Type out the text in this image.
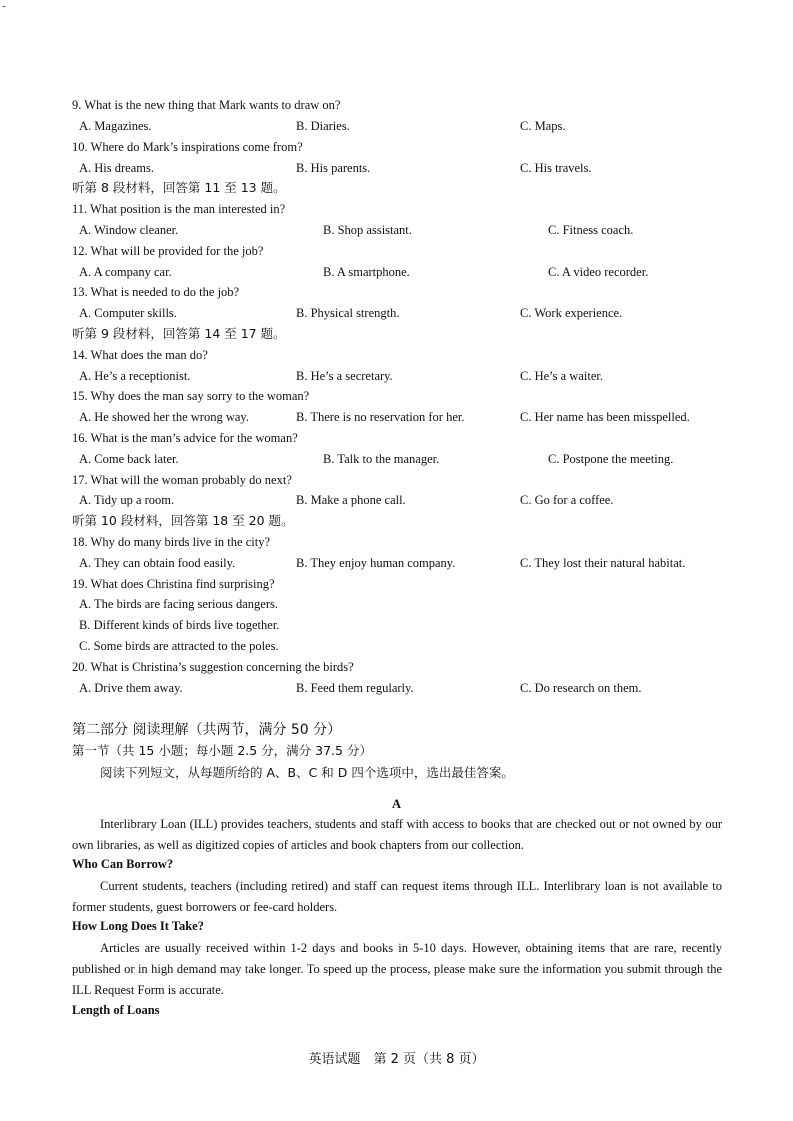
-
9. What is the new thing that Mark wants to draw on?
A. Magazines.	B. Diaries.	C. Maps.
10. Where do Mark’s inspirations come from?
A. His dreams.	B. His parents.	C. His travels.
听第 8 段材料，回答第 11 至 13 题。
11. What position is the man interested in?
A. Window cleaner.	B. Shop assistant.	C. Fitness coach.
12. What will be provided for the job?
A. A company car.	B. A smartphone.	C. A video recorder.
13. What is needed to do the job?
A. Computer skills.	B. Physical strength.	C. Work experience.
听第 9 段材料，回答第 14 至 17 题。
14. What does the man do?
A. He’s a receptionist.	B. He’s a secretary.	C. He’s a waiter.
15. Why does the man say sorry to the woman?
A. He showed her the wrong way.	B. There is no reservation for her.	C. Her name has been misspelled.
16. What is the man’s advice for the woman?
A. Come back later.	B. Talk to the manager.	C. Postpone the meeting.
17. What will the woman probably do next?
A. Tidy up a room.	B. Make a phone call.	C. Go for a coffee.
听第 10 段材料，回答第 18 至 20 题。
18. Why do many birds live in the city?
A. They can obtain food easily.	B. They enjoy human company.	C. They lost their natural habitat.
19. What does Christina find surprising?
A. The birds are facing serious dangers.
B. Different kinds of birds live together.
C. Some birds are attracted to the poles.
20. What is Christina’s suggestion concerning the birds?
A. Drive them away.	B. Feed them regularly.	C. Do research on them.
第二部分 阅读理解（共两节，满分 50 分）
第一节（共 15 小题；每小题 2.5 分，满分 37.5 分）
阅读下列短文，从每题所给的 A、B、C 和 D 四个选项中，选出最佳答案。
A

Interlibrary Loan (ILL) provides teachers, students and staff with access to books that are checked out or not owned by our own libraries, as well as digitized copies of articles and book chapters from our collection.

Who Can Borrow?

Current students, teachers (including retired) and staff can request items through ILL. Interlibrary loan is not available to former students, guest borrowers or fee-card holders.

How Long Does It Take?

Articles are usually received within 1-2 days and books in 5-10 days. However, obtaining items that are rare, recently published or in high demand may take longer. To speed up the process, please make sure the information you submit through the ILL Request Form is accurate.

Length of Loans
英语试题　第 2 页（共 8 页）
